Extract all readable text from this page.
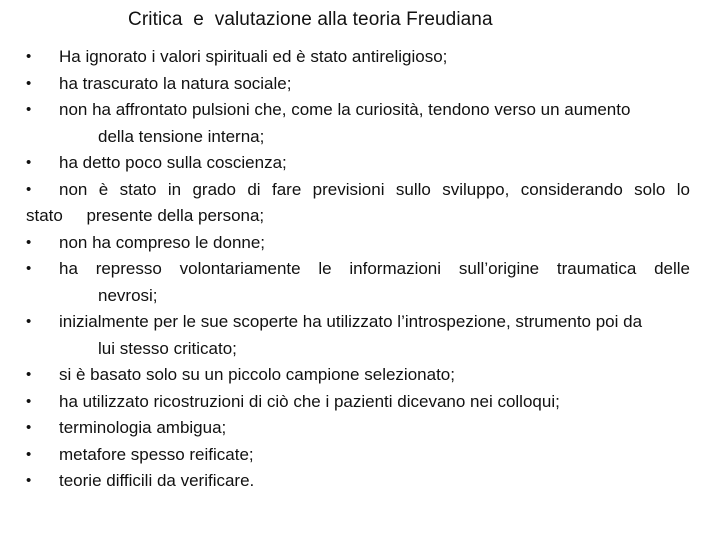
Critica  e  valutazione alla teoria Freudiana
• Ha ignorato i valori spirituali ed è stato antireligioso;
• ha trascurato la natura sociale;
• non ha affrontato pulsioni che, come la curiosità, tendono verso un aumento
della tensione interna;
• ha detto poco sulla coscienza;
•	non è stato in grado di fare previsioni sullo sviluppo, considerando solo lo
stato     presente della persona;
• non ha compreso le donne;
• ha represso volontariamente le informazioni sull’origine traumatica delle
nevrosi;
• inizialmente per le sue scoperte ha utilizzato l’introspezione, strumento poi da
lui stesso criticato;
• si è basato solo su un piccolo campione selezionato;
• ha utilizzato ricostruzioni di ciò che i pazienti dicevano nei colloqui;
• terminologia ambigua;
• metafore spesso reificate;
• teorie difficili da verificare.
